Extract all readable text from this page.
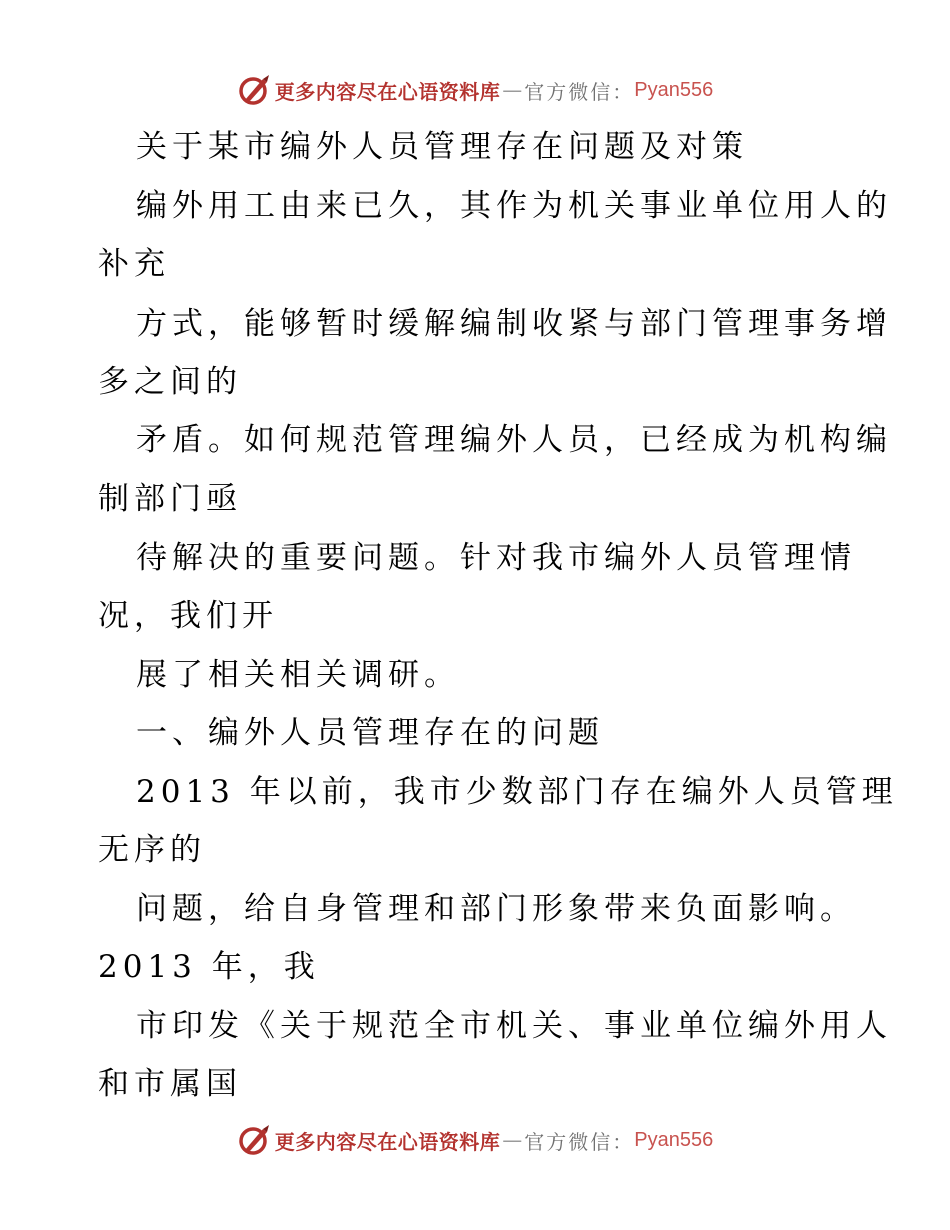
更多内容尽在心语资料库 — 官方微信： Pyan556
关于某市编外人员管理存在问题及对策
编外用工由来已久，其作为机关事业单位用人的
补充
方式，能够暂时缓解编制收紧与部门管理事务增
多之间的
矛盾。如何规范管理编外人员，已经成为机构编
制部门亟
待解决的重要问题。针对我市编外人员管理情
况，我们开
展了相关相关调研。
一、编外人员管理存在的问题
2013 年以前，我市少数部门存在编外人员管理
无序的
问题，给自身管理和部门形象带来负面影响。
2013 年，我
市印发《关于规范全市机关、事业单位编外用人
和市属国
更多内容尽在心语资料库 — 官方微信： Pyan556
